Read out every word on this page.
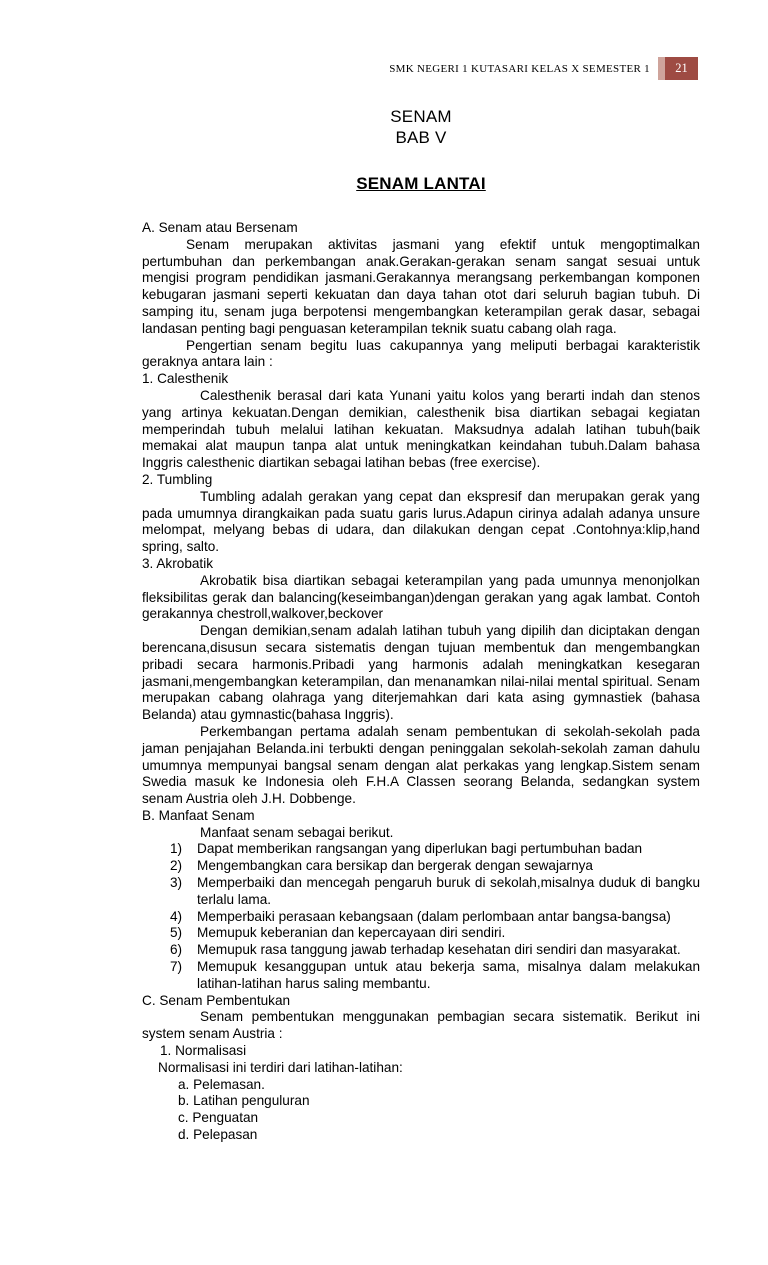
SMK NEGERI 1 KUTASARI KELAS X SEMESTER 1	21
SENAM
BAB V
SENAM LANTAI

A. Senam atau Bersenam

Senam merupakan aktivitas jasmani yang efektif untuk mengoptimalkan pertumbuhan dan perkembangan anak.Gerakan-gerakan senam sangat sesuai untuk mengisi program pendidikan jasmani.Gerakannya merangsang perkembangan komponen kebugaran jasmani seperti kekuatan dan daya tahan otot dari seluruh bagian tubuh. Di samping itu, senam juga berpotensi mengembangkan keterampilan gerak dasar, sebagai landasan penting bagi penguasan keterampilan teknik suatu cabang olah raga.

Pengertian senam begitu luas cakupannya yang meliputi berbagai karakteristik geraknya antara lain :

1. Calesthenik

Calesthenik berasal dari kata Yunani yaitu kolos yang berarti indah dan stenos yang artinya kekuatan.Dengan demikian, calesthenik bisa diartikan sebagai kegiatan memperindah tubuh melalui latihan kekuatan. Maksudnya adalah latihan tubuh(baik memakai alat maupun tanpa alat untuk meningkatkan keindahan tubuh.Dalam bahasa Inggris calesthenic diartikan sebagai latihan bebas (free exercise).

2. Tumbling

Tumbling adalah gerakan yang cepat dan ekspresif dan merupakan gerak yang pada umumnya dirangkaikan pada suatu garis lurus.Adapun cirinya adalah adanya unsure melompat, melyang bebas di udara, dan dilakukan dengan cepat .Contohnya:klip,hand spring, salto.

3. Akrobatik

Akrobatik bisa diartikan sebagai keterampilan yang pada umunnya menonjolkan fleksibilitas gerak dan balancing(keseimbangan)dengan gerakan yang agak lambat. Contoh gerakannya chestroll,walkover,beckover

Dengan demikian,senam adalah latihan tubuh yang dipilih dan diciptakan dengan berencana,disusun secara sistematis dengan tujuan membentuk dan mengembangkan pribadi secara harmonis.Pribadi yang harmonis adalah meningkatkan kesegaran jasmani,mengembangkan keterampilan, dan menanamkan nilai-nilai mental spiritual. Senam merupakan cabang olahraga yang diterjemahkan dari kata asing gymnastiek (bahasa Belanda) atau gymnastic(bahasa Inggris).

Perkembangan pertama adalah senam pembentukan di sekolah-sekolah pada jaman penjajahan Belanda.ini terbukti dengan peninggalan sekolah-sekolah zaman dahulu umumnya mempunyai bangsal senam dengan alat perkakas yang lengkap.Sistem senam Swedia masuk ke Indonesia oleh F.H.A Classen seorang Belanda, sedangkan system senam Austria oleh J.H. Dobbenge.

B. Manfaat Senam

Manfaat senam sebagai berikut.

1)	Dapat memberikan rangsangan yang diperlukan bagi pertumbuhan badan
2)	Mengembangkan cara bersikap dan bergerak dengan sewajarnya
3)	Memperbaiki dan mencegah pengaruh buruk di sekolah,misalnya duduk di bangku terlalu lama.
4)	Memperbaiki perasaan kebangsaan (dalam perlombaan antar bangsa-bangsa)
5)	Memupuk keberanian dan kepercayaan diri sendiri.
6)	Memupuk rasa tanggung jawab terhadap kesehatan diri sendiri dan masyarakat.
7)	Memupuk kesanggupan untuk atau bekerja sama, misalnya dalam melakukan latihan-latihan harus saling membantu.

C. Senam Pembentukan

Senam pembentukan menggunakan pembagian secara sistematik. Berikut ini system senam Austria :

1. Normalisasi

Normalisasi ini terdiri dari latihan-latihan:

a. Pelemasan.

b. Latihan penguluran

c. Penguatan

d. Pelepasan
